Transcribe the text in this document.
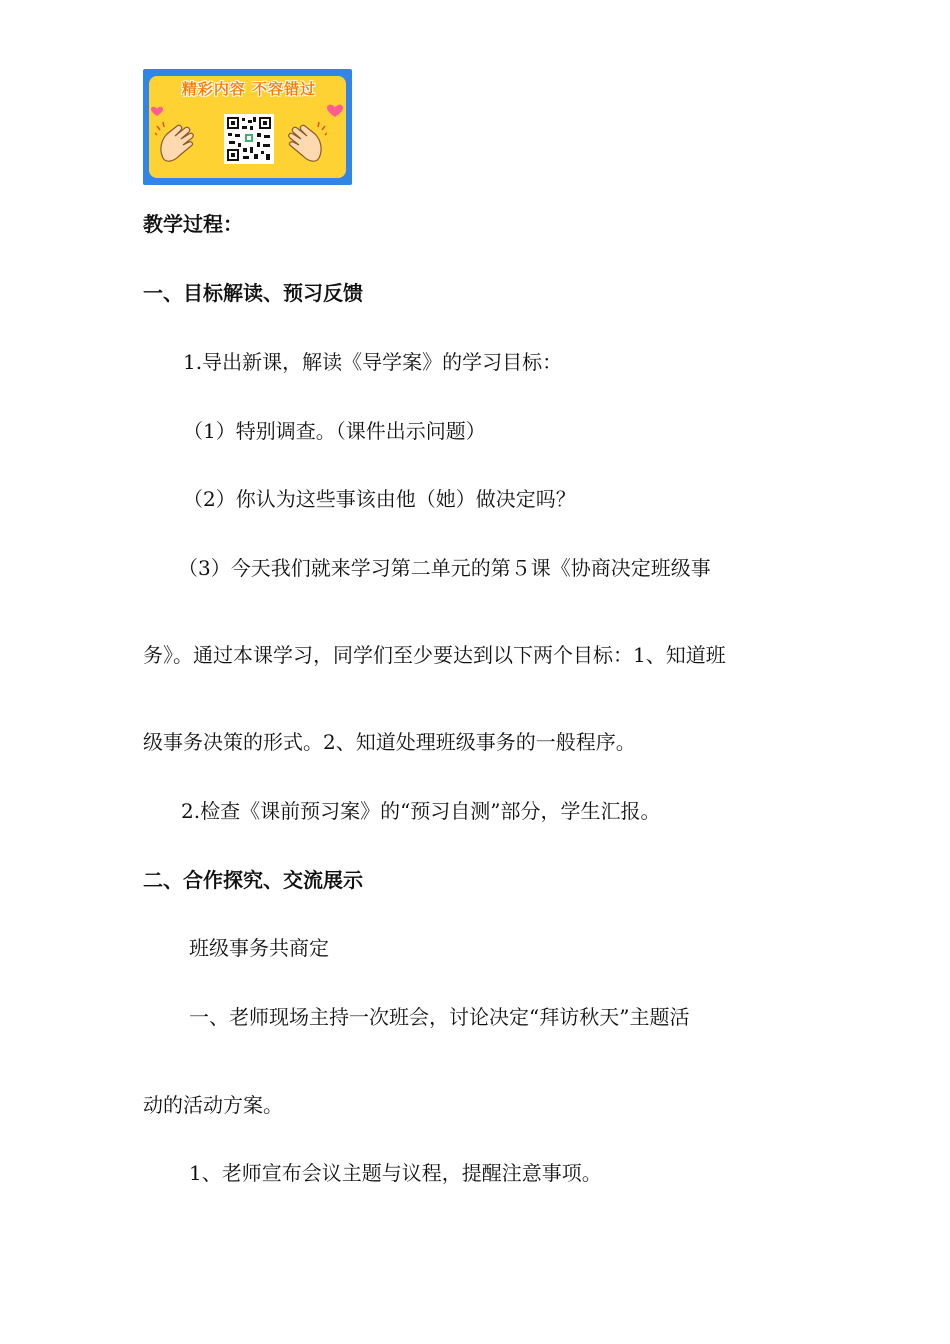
精彩内容 不容错过
教学过程：
一、目标解读、预习反馈
1.导出新课，解读《导学案》的学习目标：
（1）特别调查。（课件出示问题）
（2）你认为这些事该由他（她）做决定吗？
（3）今天我们就来学习第二单元的第５课《协商决定班级事
务》。通过本课学习，同学们至少要达到以下两个目标：1、知道班
级事务决策的形式。2、知道处理班级事务的一般程序。
2.检查《课前预习案》的“预习自测”部分，学生汇报。
二、合作探究、交流展示
班级事务共商定
一、老师现场主持一次班会，讨论决定“拜访秋天”主题活
动的活动方案。
1、老师宣布会议主题与议程，提醒注意事项。
